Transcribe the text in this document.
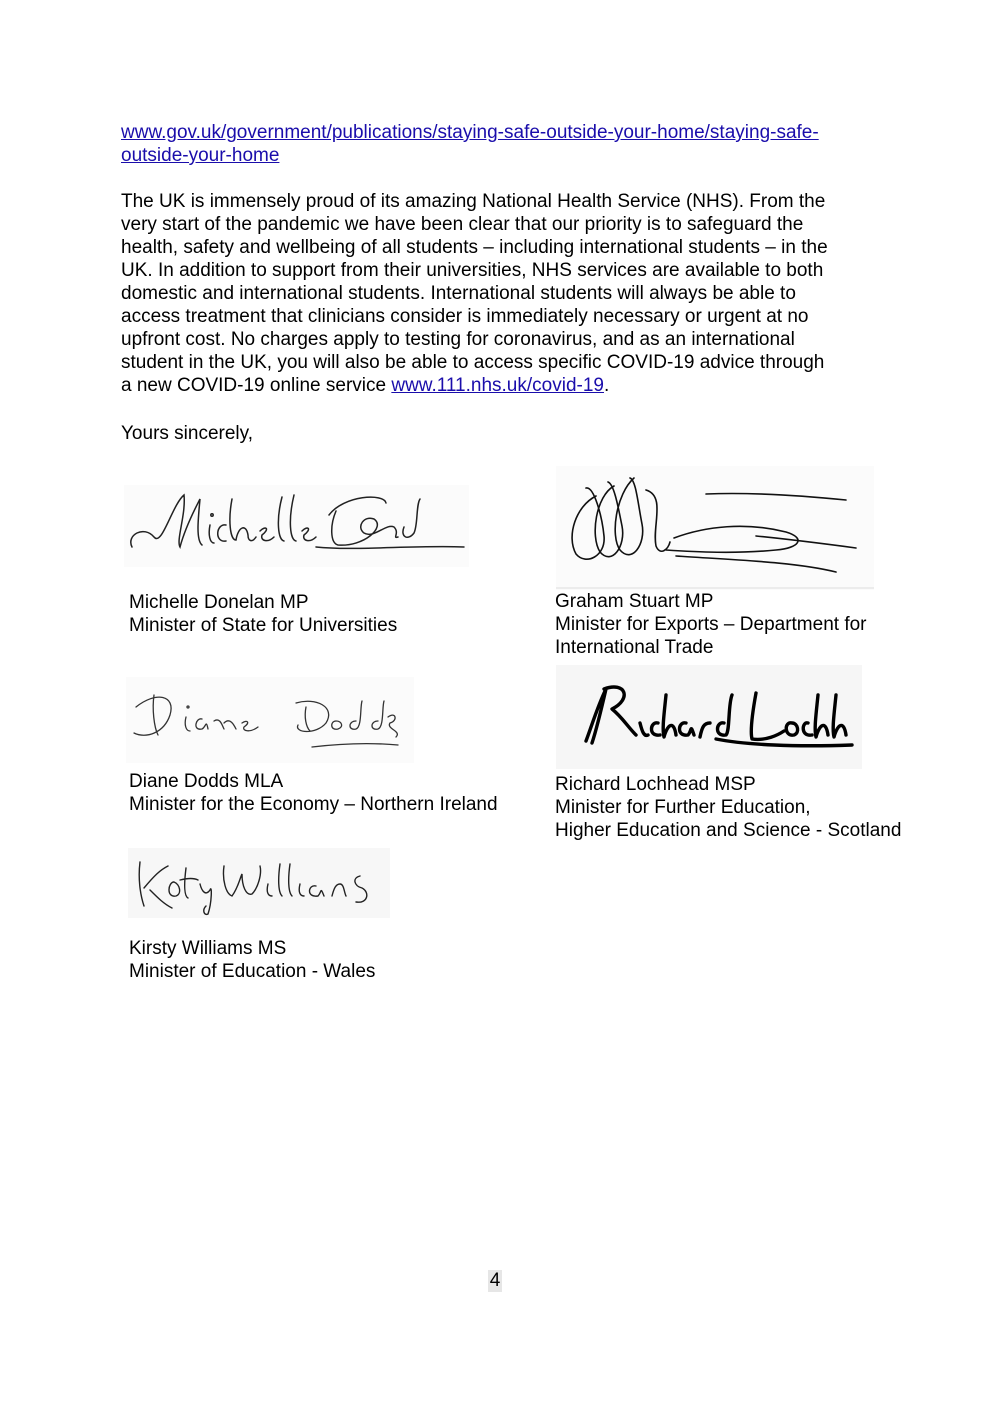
www.gov.uk/government/publications/staying-safe-outside-your-home/staying-safe-
outside-your-home
The UK is immensely proud of its amazing National Health Service (NHS). From the
very start of the pandemic we have been clear that our priority is to safeguard the
health, safety and wellbeing of all students – including international students – in the
UK. In addition to support from their universities, NHS services are available to both
domestic and international students. International students will always be able to
access treatment that clinicians consider is immediately necessary or urgent at no
upfront cost. No charges apply to testing for coronavirus, and as an international
student in the UK, you will also be able to access specific COVID-19 advice through
a new COVID-19 online service www.111.nhs.uk/covid-19.
Yours sincerely,
Michelle Donelan MP
Minister of State for Universities
Graham Stuart MP
Minister for Exports – Department for
International Trade
Diane Dodds MLA
Minister for the Economy – Northern Ireland
Richard Lochhead MSP
Minister for Further Education,
Higher Education and Science - Scotland
Kirsty Williams MS
Minister of Education - Wales
4
